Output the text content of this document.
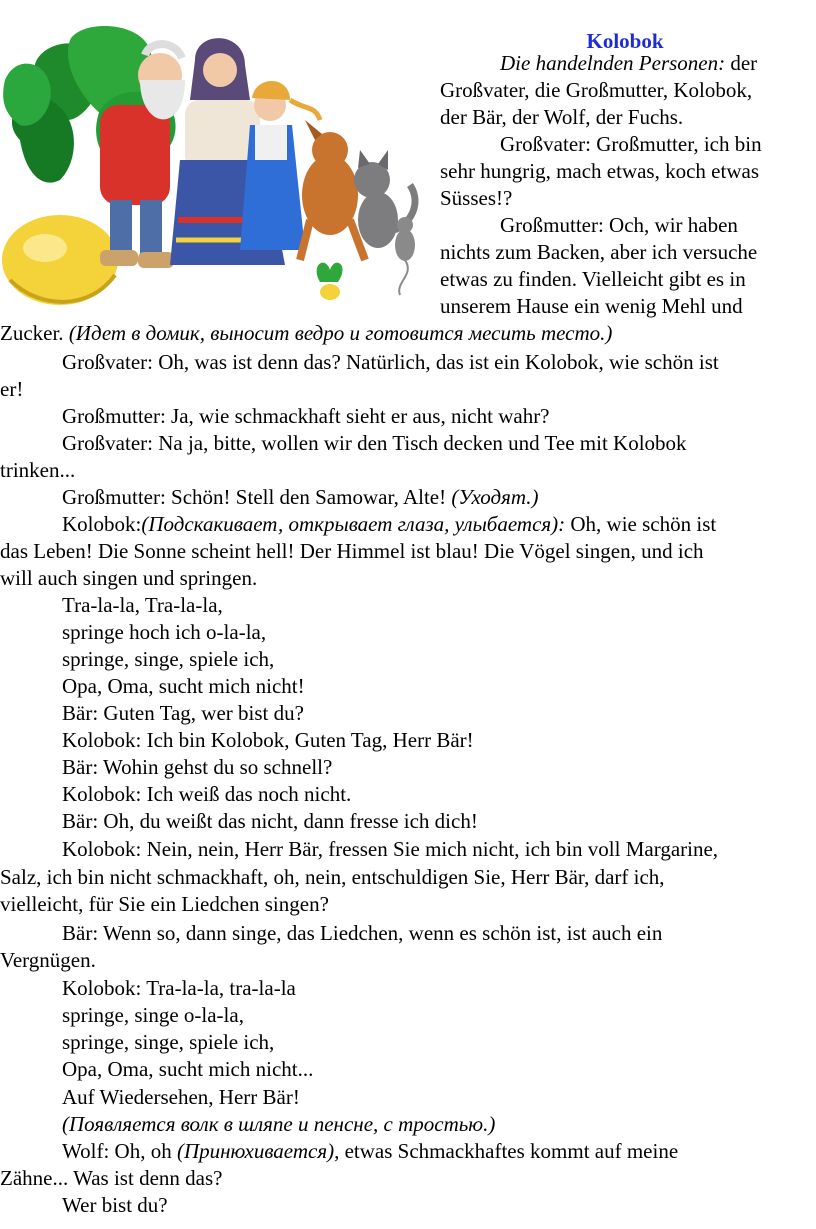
Kolobok
Die handelnden Personen: der
Großvater, die Großmutter, Kolobok,
der Bär, der Wolf, der Fuchs.
Großvater: Großmutter, ich bin
sehr hungrig, mach etwas, koch etwas
Süsses!?
Großmutter: Och, wir haben
nichts zum Backen, aber ich versuche
etwas zu finden. Vielleicht gibt es in
unserem Hause ein wenig Mehl und
Zucker. (Идет в домик, выносит ведро и готовится месить тесто.)
Großvater: Oh, was ist denn das? Natürlich, das ist ein Kolobok, wie schön ist
er!
Großmutter: Ja, wie schmackhaft sieht er aus, nicht wahr?
Großvater: Na ja, bitte, wollen wir den Tisch decken und Tee mit Kolobok
trinken...
Großmutter: Schön! Stell den Samowar, Alte! (Уходят.)
Kolobok:(Подскакивает, открывает глаза, улыбается): Oh, wie schön ist
das Leben! Die Sonne scheint hell! Der Himmel ist blau! Die Vögel singen, und ich
will auch singen und springen.
Tra-la-la, Tra-la-la,
springe hoch ich o-la-la,
springe, singe, spiele ich,
Opa, Oma, sucht mich nicht!
Bär: Guten Tag, wer bist du?
Kolobok: Ich bin Kolobok, Guten Tag, Herr Bär!
Bär: Wohin gehst du so schnell?
Kolobok: Ich weiß das noch nicht.
Bär: Oh, du weißt das nicht, dann fresse ich dich!
Kolobok: Nein, nein, Herr Bär, fressen Sie mich nicht, ich bin voll Margarine,
Salz, ich bin nicht schmackhaft, oh, nein, entschuldigen Sie, Herr Bär, darf ich,
vielleicht, für Sie ein Liedchen singen?
Bär: Wenn so, dann singe, das Liedchen, wenn es schön ist, ist auch ein
Vergnügen.
Kolobok: Tra-la-la, tra-la-la
springe, singe o-la-la,
springe, singe, spiele ich,
Opa, Oma, sucht mich nicht...
Auf Wiedersehen, Herr Bär!
(Появляется волк в шляпе и пенсне, с тростью.)
Wolf: Oh, oh (Принюхивается), etwas Schmackhaftes kommt auf meine
Zähne... Was ist denn das?
Wer bist du?
